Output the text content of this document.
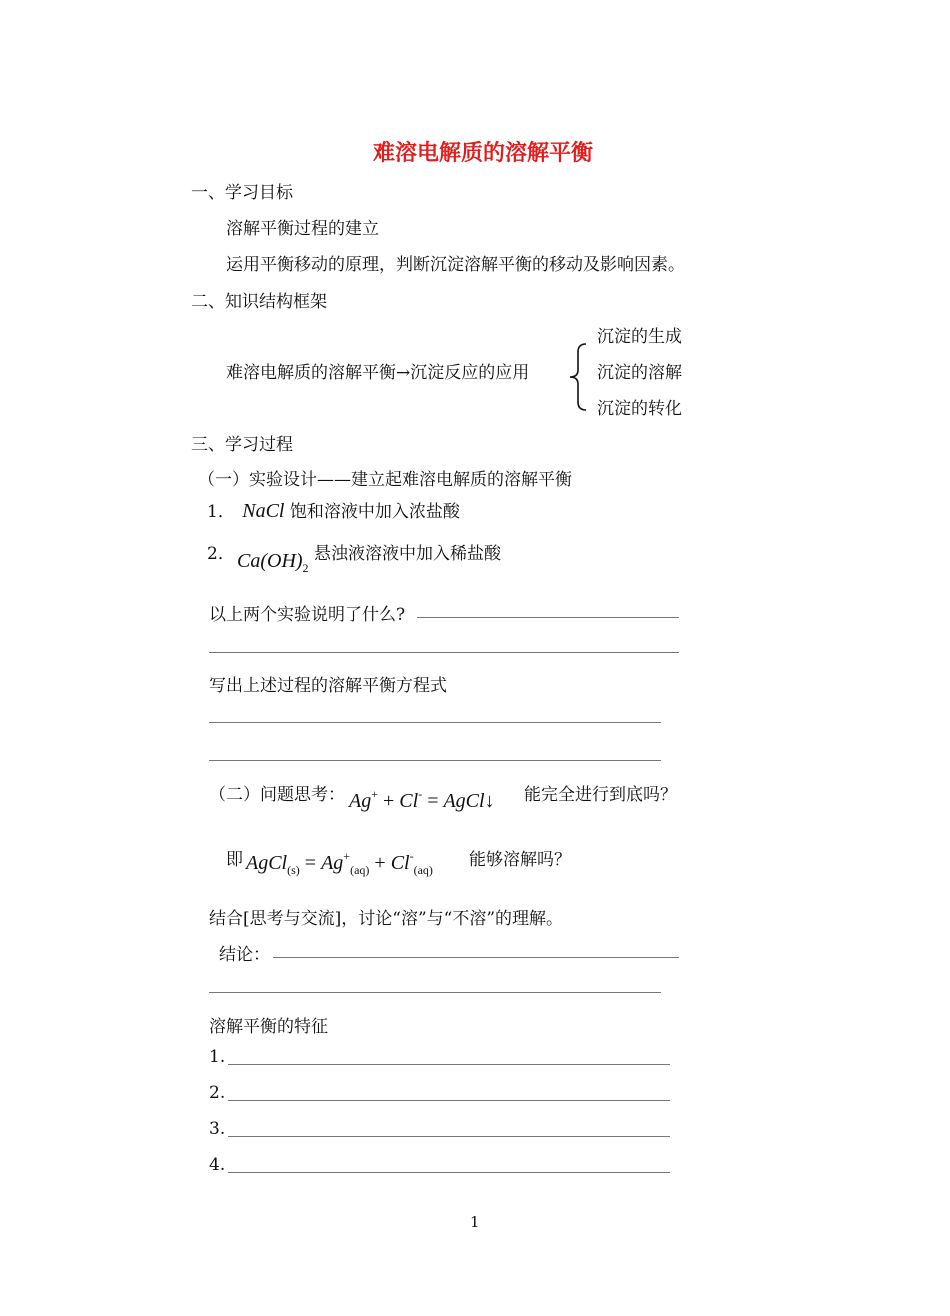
难溶电解质的溶解平衡
一、学习目标
溶解平衡过程的建立
运用平衡移动的原理，判断沉淀溶解平衡的移动及影响因素。
二、知识结构框架
难溶电解质的溶解平衡→沉淀反应的应用
沉淀的生成
沉淀的溶解
沉淀的转化
三、学习过程
（一）实验设计——建立起难溶电解质的溶解平衡
1． NaCl 饱和溶液中加入浓盐酸
2． $Ca(OH)_2$ 悬浊液溶液中加入稀盐酸
以上两个实验说明了什么?
写出上述过程的溶解平衡方程式
（二）问题思考： Ag+ + Cl- = AgCl↓ 能完全进行到底吗？
即 AgCl$_{(s)}$ = $Ag^+_{(aq)} + Cl^-_{(aq)}$ 能够溶解吗？
结合[思考与交流]，讨论“溶”与“不溶”的理解。
结论：
溶解平衡的特征
1.
2.
3.
4.
1
